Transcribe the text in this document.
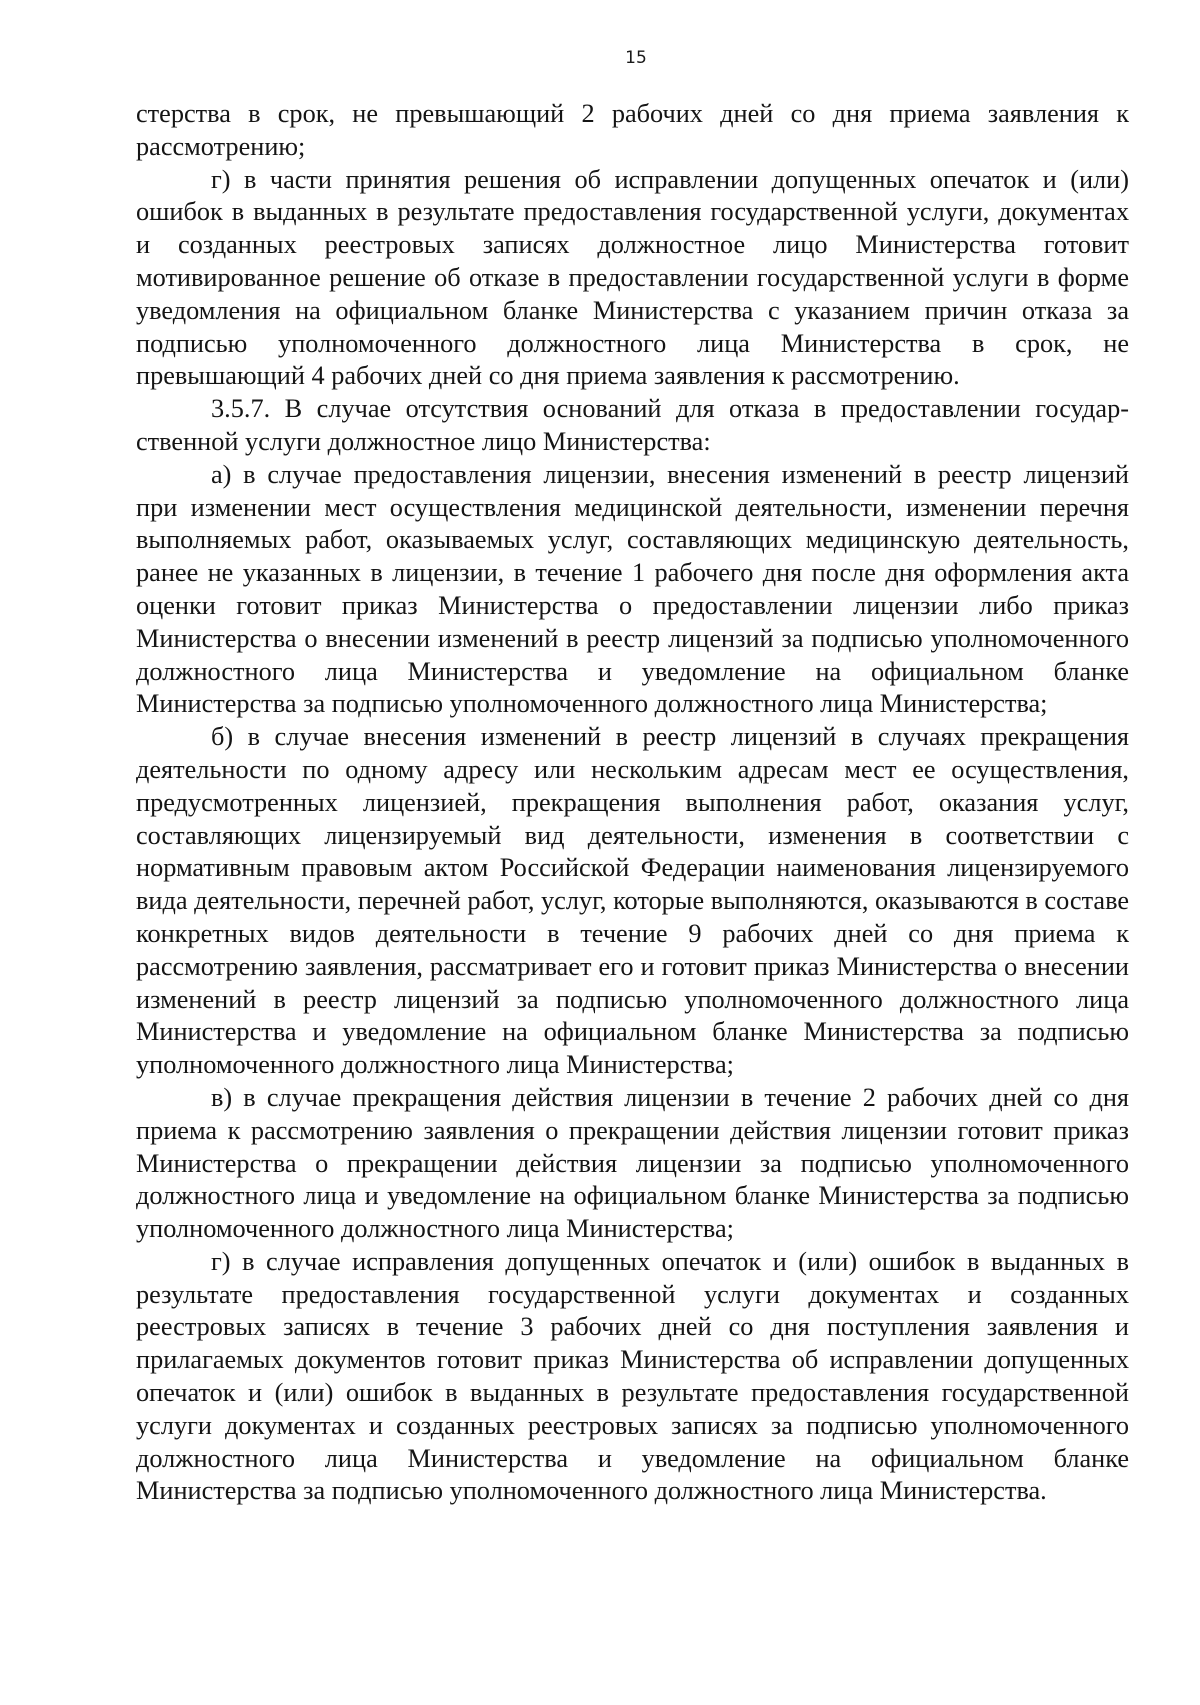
15

стерства в срок, не превышающий 2 рабочих дней со дня приема заявления к рассмотрению;

г) в части принятия решения об исправлении допущенных опечаток и (или) ошибок в выданных в результате предоставления государственной услуги, документах и созданных реестровых записях должностное лицо Министерства готовит мотивированное решение об отказе в предоставлении государственной услуги в форме уведомления на официальном бланке Министерства с указанием причин отказа за подписью уполномоченного должностного лица Министерства в срок, не превышающий 4 рабочих дней со дня приема заявления к рассмотрению.

3.5.7. В случае отсутствия оснований для отказа в предоставлении государственной услуги должностное лицо Министерства:

а) в случае предоставления лицензии, внесения изменений в реестр лицензий при изменении мест осуществления медицинской деятельности, изменении перечня выполняемых работ, оказываемых услуг, составляющих медицинскую деятельность, ранее не указанных в лицензии, в течение 1 рабочего дня после дня оформления акта оценки готовит приказ Министерства о предоставлении лицензии либо приказ Министерства о внесении изменений в реестр лицензий за подписью уполномоченного должностного лица Министерства и уведомление на официальном бланке Министерства за подписью уполномоченного должностного лица Министерства;

б) в случае внесения изменений в реестр лицензий в случаях прекращения деятельности по одному адресу или нескольким адресам мест ее осуществления, предусмотренных лицензией, прекращения выполнения работ, оказания услуг, составляющих лицензируемый вид деятельности, изменения в соответствии с нормативным правовым актом Российской Федерации наименования лицензируемого вида деятельности, перечней работ, услуг, которые выполняются, оказываются в составе конкретных видов деятельности в течение 9 рабочих дней со дня приема к рассмотрению заявления, рассматривает его и готовит приказ Министерства о внесении изменений в реестр лицензий за подписью уполномоченного должностного лица Министерства и уведомление на официальном бланке Министерства за подписью уполномоченного должностного лица Министерства;

в) в случае прекращения действия лицензии в течение 2 рабочих дней со дня приема к рассмотрению заявления о прекращении действия лицензии готовит приказ Министерства о прекращении действия лицензии за подписью уполномоченного должностного лица и уведомление на официальном бланке Министерства за подписью уполномоченного должностного лица Министерства;

г) в случае исправления допущенных опечаток и (или) ошибок в выданных в результате предоставления государственной услуги документах и созданных реестровых записях в течение 3 рабочих дней со дня поступления заявления и прилагаемых документов готовит приказ Министерства об исправлении допущенных опечаток и (или) ошибок в выданных в результате предоставления государственной услуги документах и созданных реестровых записях за подписью уполномоченного должностного лица Министерства и уведомление на официальном бланке Министерства за подписью уполномоченного должностного лица Министерства.
